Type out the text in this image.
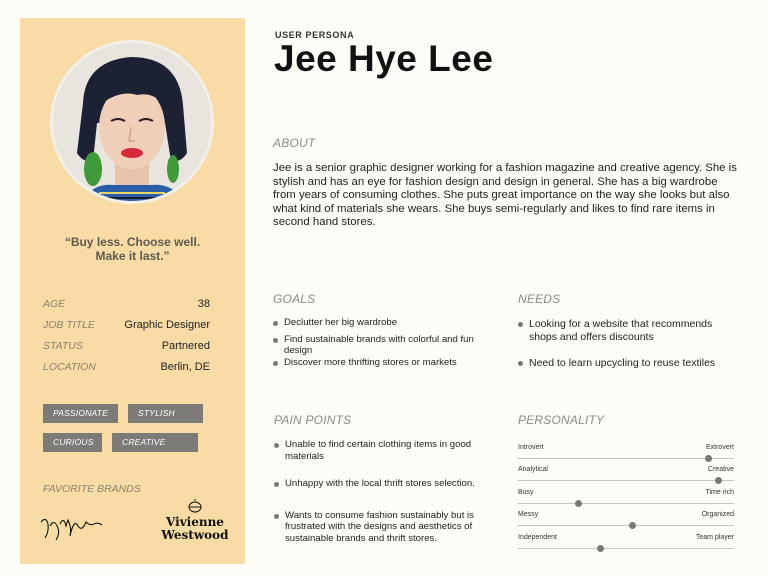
“Buy less. Choose well.
Make it last.”
AGE	38
JOB TITLE	Graphic Designer
STATUS	Partnered
LOCATION	Berlin, DE
PASSIONATE	STYLISH
CURIOUS	CREATIVE
FAVORITE BRANDS
Vivienne
Westwood
USER PERSONA
Jee Hye Lee
ABOUT
Jee is a senior graphic designer working for a fashion magazine and creative agency. She is stylish and has an eye for fashion design and design in general. She has a big wardrobe from years of consuming clothes. She puts great importance on the way she looks but also what kind of materials she wears. She buys semi-regularly and likes to find rare items in second hand stores.
GOALS
Declutter her big wardrobe
Find sustainable brands with colorful and fun design
Discover more thrifting stores or markets
NEEDS
Looking for a website that recommends shops and offers discounts
Need to learn upcycling to reuse textiles
PAIN POINTS
Unable to find certain clothing items in good materials
Unhappy with the local thrift stores selection.
Wants to consume fashion sustainably but is frustrated with the designs and aesthetics of sustainable brands and thrift stores.
PERSONALITY
Introvert	Extrovert
Analytical	Creative
Busy	Time rich
Messy	Organized
Independent	Team player
